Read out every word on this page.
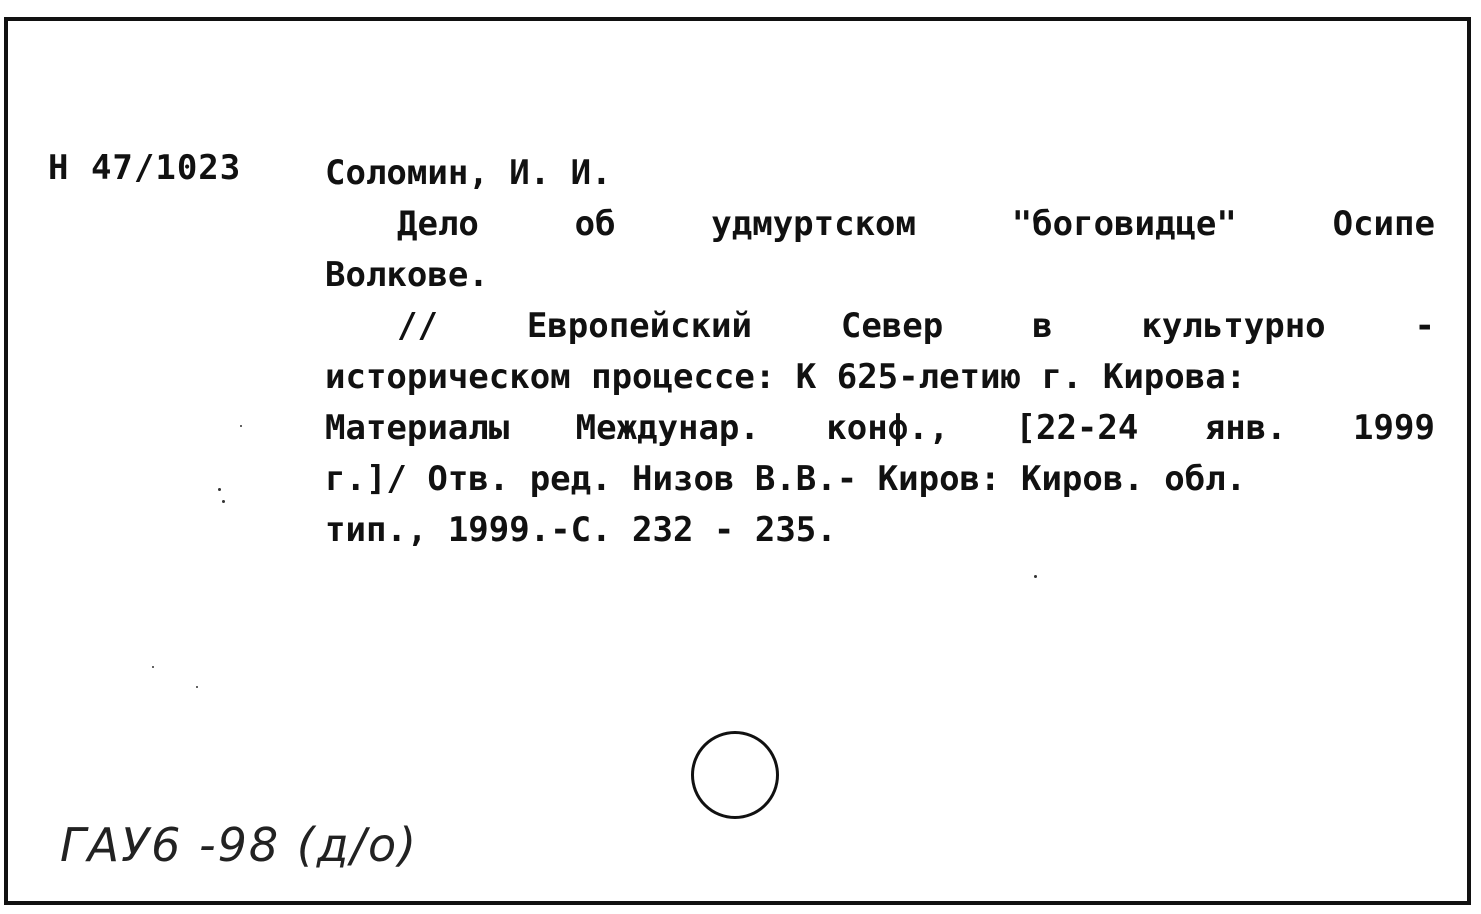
Н 47/1023 Соломин, И. И.
Дело	об	удмуртском	"боговидце"	Осипе
Волкове.
//	Европейский	Север	в	культурно	-
историческом процессе: К 625-летию г. Кирова:
Материалы Междунар. конф., [22-24 янв. 1999
г.]/ Отв. ред. Низов В.В.- Киров: Киров. обл.
тип., 1999.-С. 232 - 235.
ГАУ6 -98 (д/о)
